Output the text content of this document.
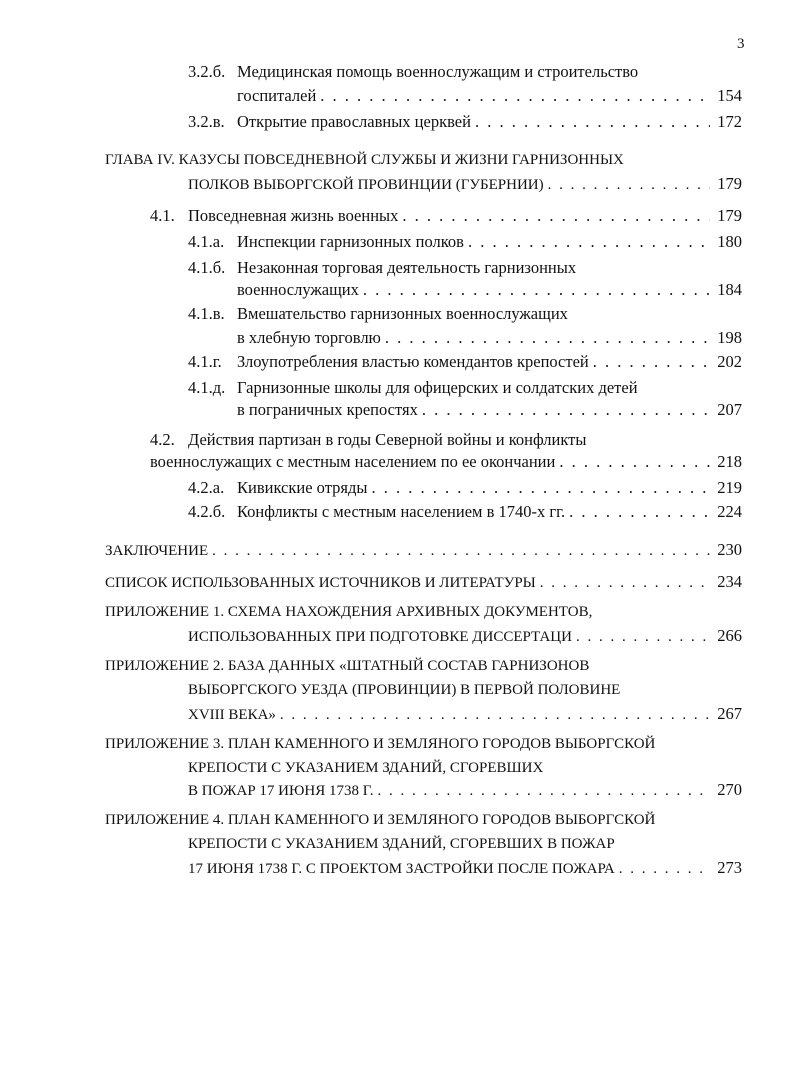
3
3.2.б. Медицинская помощь военнослужащим и строительство
госпиталей . . .	154
3.2.в. Открытие православных церквей . . .	172
ГЛАВА IV. КАЗУСЫ ПОВСЕДНЕВНОЙ СЛУЖБЫ И ЖИЗНИ ГАРНИЗОННЫХ
ПОЛКОВ ВЫБОРГСКОЙ ПРОВИНЦИИ (ГУБЕРНИИ) . . .	179
4.1. Повседневная жизнь военных . . .	179
4.1.а. Инспекции гарнизонных полков . . .	180
4.1.б. Незаконная торговая деятельность гарнизонных
военнослужащих . . .	184
4.1.в. Вмешательство гарнизонных военнослужащих
в хлебную торговлю . . .	198
4.1.г. Злоупотребления властью комендантов крепостей . . .	202
4.1.д. Гарнизонные школы для офицерских и солдатских детей
в пограничных крепостях . . .	207
4.2. Действия партизан в годы Северной войны и конфликты
военнослужащих с местным населением по ее окончании . . .	218
4.2.а. Кивикские отряды . . .	219
4.2.б. Конфликты с местным населением в 1740-х гг. . . .	224
ЗАКЛЮЧЕНИЕ . . .	230
СПИСОК ИСПОЛЬЗОВАННЫХ ИСТОЧНИКОВ И ЛИТЕРАТУРЫ . . .	234
ПРИЛОЖЕНИЕ 1. СХЕМА НАХОЖДЕНИЯ АРХИВНЫХ ДОКУМЕНТОВ,
ИСПОЛЬЗОВАННЫХ ПРИ ПОДГОТОВКЕ ДИССЕРТАЦИ . . .	266
ПРИЛОЖЕНИЕ 2. БАЗА ДАННЫХ «ШТАТНЫЙ СОСТАВ ГАРНИЗОНОВ
ВЫБОРГСКОГО УЕЗДА (ПРОВИНЦИИ) В ПЕРВОЙ ПОЛОВИНЕ
XVIII ВЕКА» . . .	267
ПРИЛОЖЕНИЕ 3. ПЛАН КАМЕННОГО И ЗЕМЛЯНОГО ГОРОДОВ ВЫБОРГСКОЙ
КРЕПОСТИ С УКАЗАНИЕМ ЗДАНИЙ, СГОРЕВШИХ
В ПОЖАР 17 ИЮНЯ 1738 Г. . . .	270
ПРИЛОЖЕНИЕ 4. ПЛАН КАМЕННОГО И ЗЕМЛЯНОГО ГОРОДОВ ВЫБОРГСКОЙ
КРЕПОСТИ С УКАЗАНИЕМ ЗДАНИЙ, СГОРЕВШИХ В ПОЖАР
17 ИЮНЯ 1738 Г. С ПРОЕКТОМ ЗАСТРОЙКИ ПОСЛЕ ПОЖАРА . . .	273
